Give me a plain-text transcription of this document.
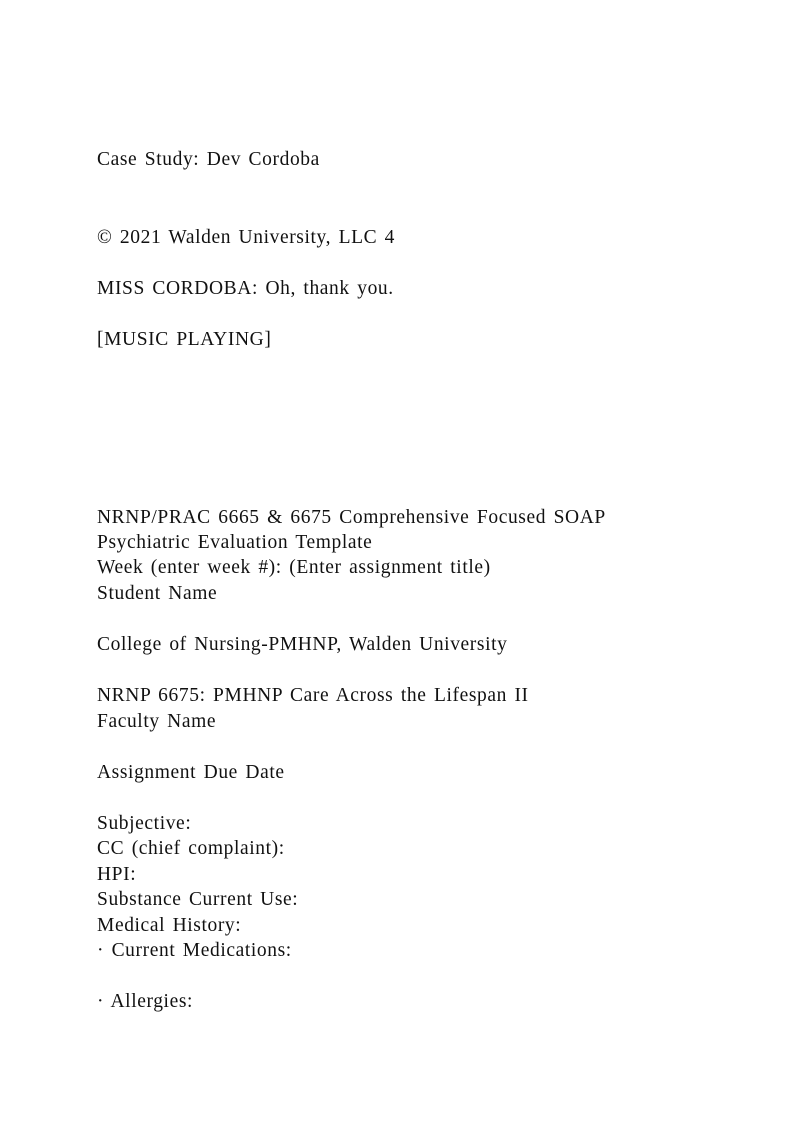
Case Study: Dev Cordoba
© 2021 Walden University, LLC 4
MISS CORDOBA: Oh, thank you.
[MUSIC PLAYING]
NRNP/PRAC 6665 & 6675 Comprehensive Focused SOAP
Psychiatric Evaluation Template
Week (enter week #): (Enter assignment title)
Student Name
College of Nursing-PMHNP, Walden University
NRNP 6675: PMHNP Care Across the Lifespan II
Faculty Name
Assignment Due Date
Subjective:
CC (chief complaint):
HPI:
Substance Current Use:
Medical History:
· Current Medications:
· Allergies:
